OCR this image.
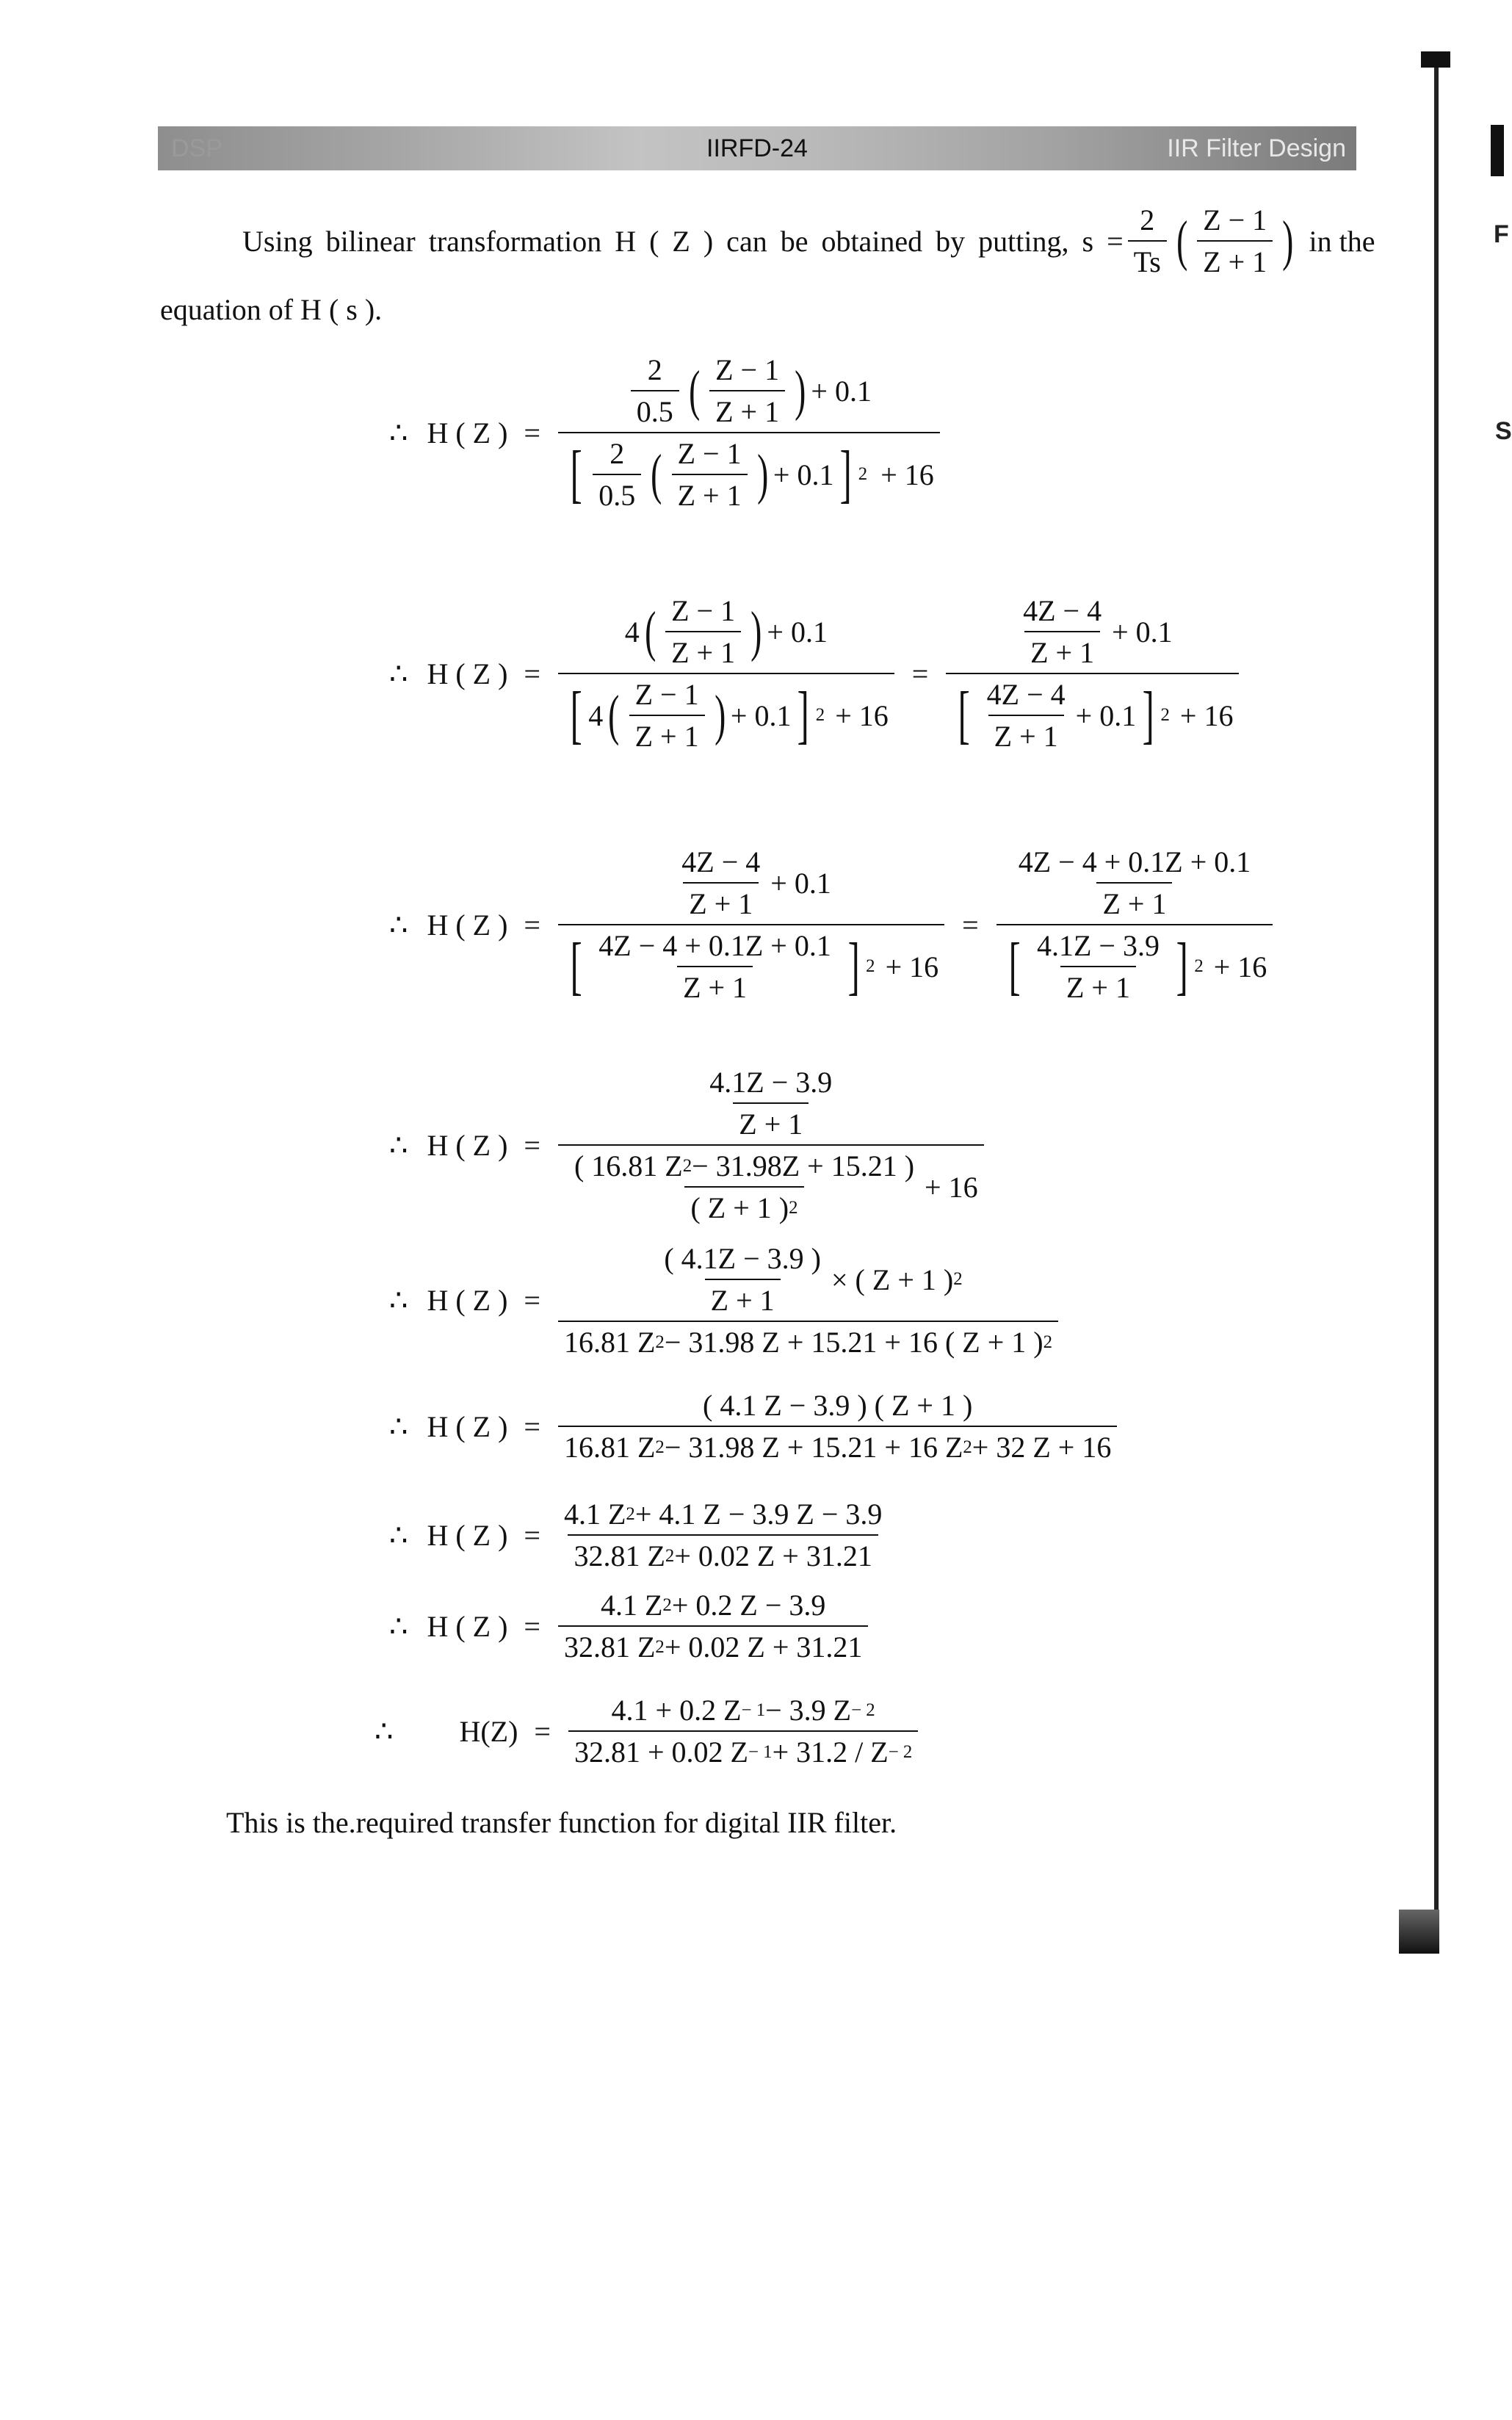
DSP	IIRFD-24	IIR Filter Design
F
S
Using bilinear transformation H ( Z ) can be obtained by putting, $s = \frac{2}{Ts}$ ( $\frac{Z - 1}{Z + 1}$ ) in the
equation of H ( s ).
∴ H ( Z ) =
$\frac{2}{0.5}$ ( $\frac{Z - 1}{Z + 1}$ ) + 0.1
[ $\frac{2}{0.5}$ ( $\frac{Z - 1}{Z + 1}$ ) + 0.1 ] 2 + 16
∴ H ( Z ) =
4 ( $\frac{Z - 1}{Z + 1}$ ) + 0.1
[ 4 ( $\frac{Z - 1}{Z + 1}$ ) + 0.1 ] 2 + 16
=
$\frac{4Z - 4}{Z + 1} + 0.1$
[ $\frac{4Z - 4}{Z + 1} + 0.1$ ] 2 + 16
∴ H ( Z ) =
$\frac{4Z - 4}{Z + 1} + 0.1$
[ $\frac{4Z - 4 + 0.1Z + 0.1}{Z + 1}$ ] 2 + 16
=
$\frac{4Z - 4 + 0.1Z + 0.1}{Z + 1}$
[ $\frac{4.1Z - 3.9}{Z + 1}$ ] 2 + 16
∴ H ( Z ) =
$\frac{4.1Z - 3.9}{Z + 1}$
$\frac{( 16.81 Z 2 - 31.98Z + 15.21 )}{( Z + 1 ) 2} + 16$
∴ H ( Z ) = $\frac{\frac{( 4.1Z - 3.9 )}{Z + 1} \times ( Z + 1 ) 2}{16.81 Z 2 - 31.98 Z + 15.21 + 16 ( Z + 1 ) 2}$
∴ H ( Z ) = $\frac{( 4.1 Z - 3.9 ) ( Z + 1 )}{16.81 Z 2 - 31.98 Z + 15.21 + 16 Z 2 + 32 Z + 16}$
∴ H ( Z ) = $\frac{4.1 Z 2 + 4.1 Z - 3.9 Z - 3.9}{32.81 Z 2 + 0.02 Z + 31.21}$
∴ H ( Z ) = $\frac{4.1 Z 2 + 0.2 Z - 3.9}{32.81 Z 2 + 0.02 Z + 31.21}$
∴ $H(Z) = \frac{4.1 + 0.2 Z - 1 - 3.9 Z - 2}{32.81 + 0.02 Z - 1 + 31.2 / Z - 2}$
This is the.required transfer function for digital IIR filter.
